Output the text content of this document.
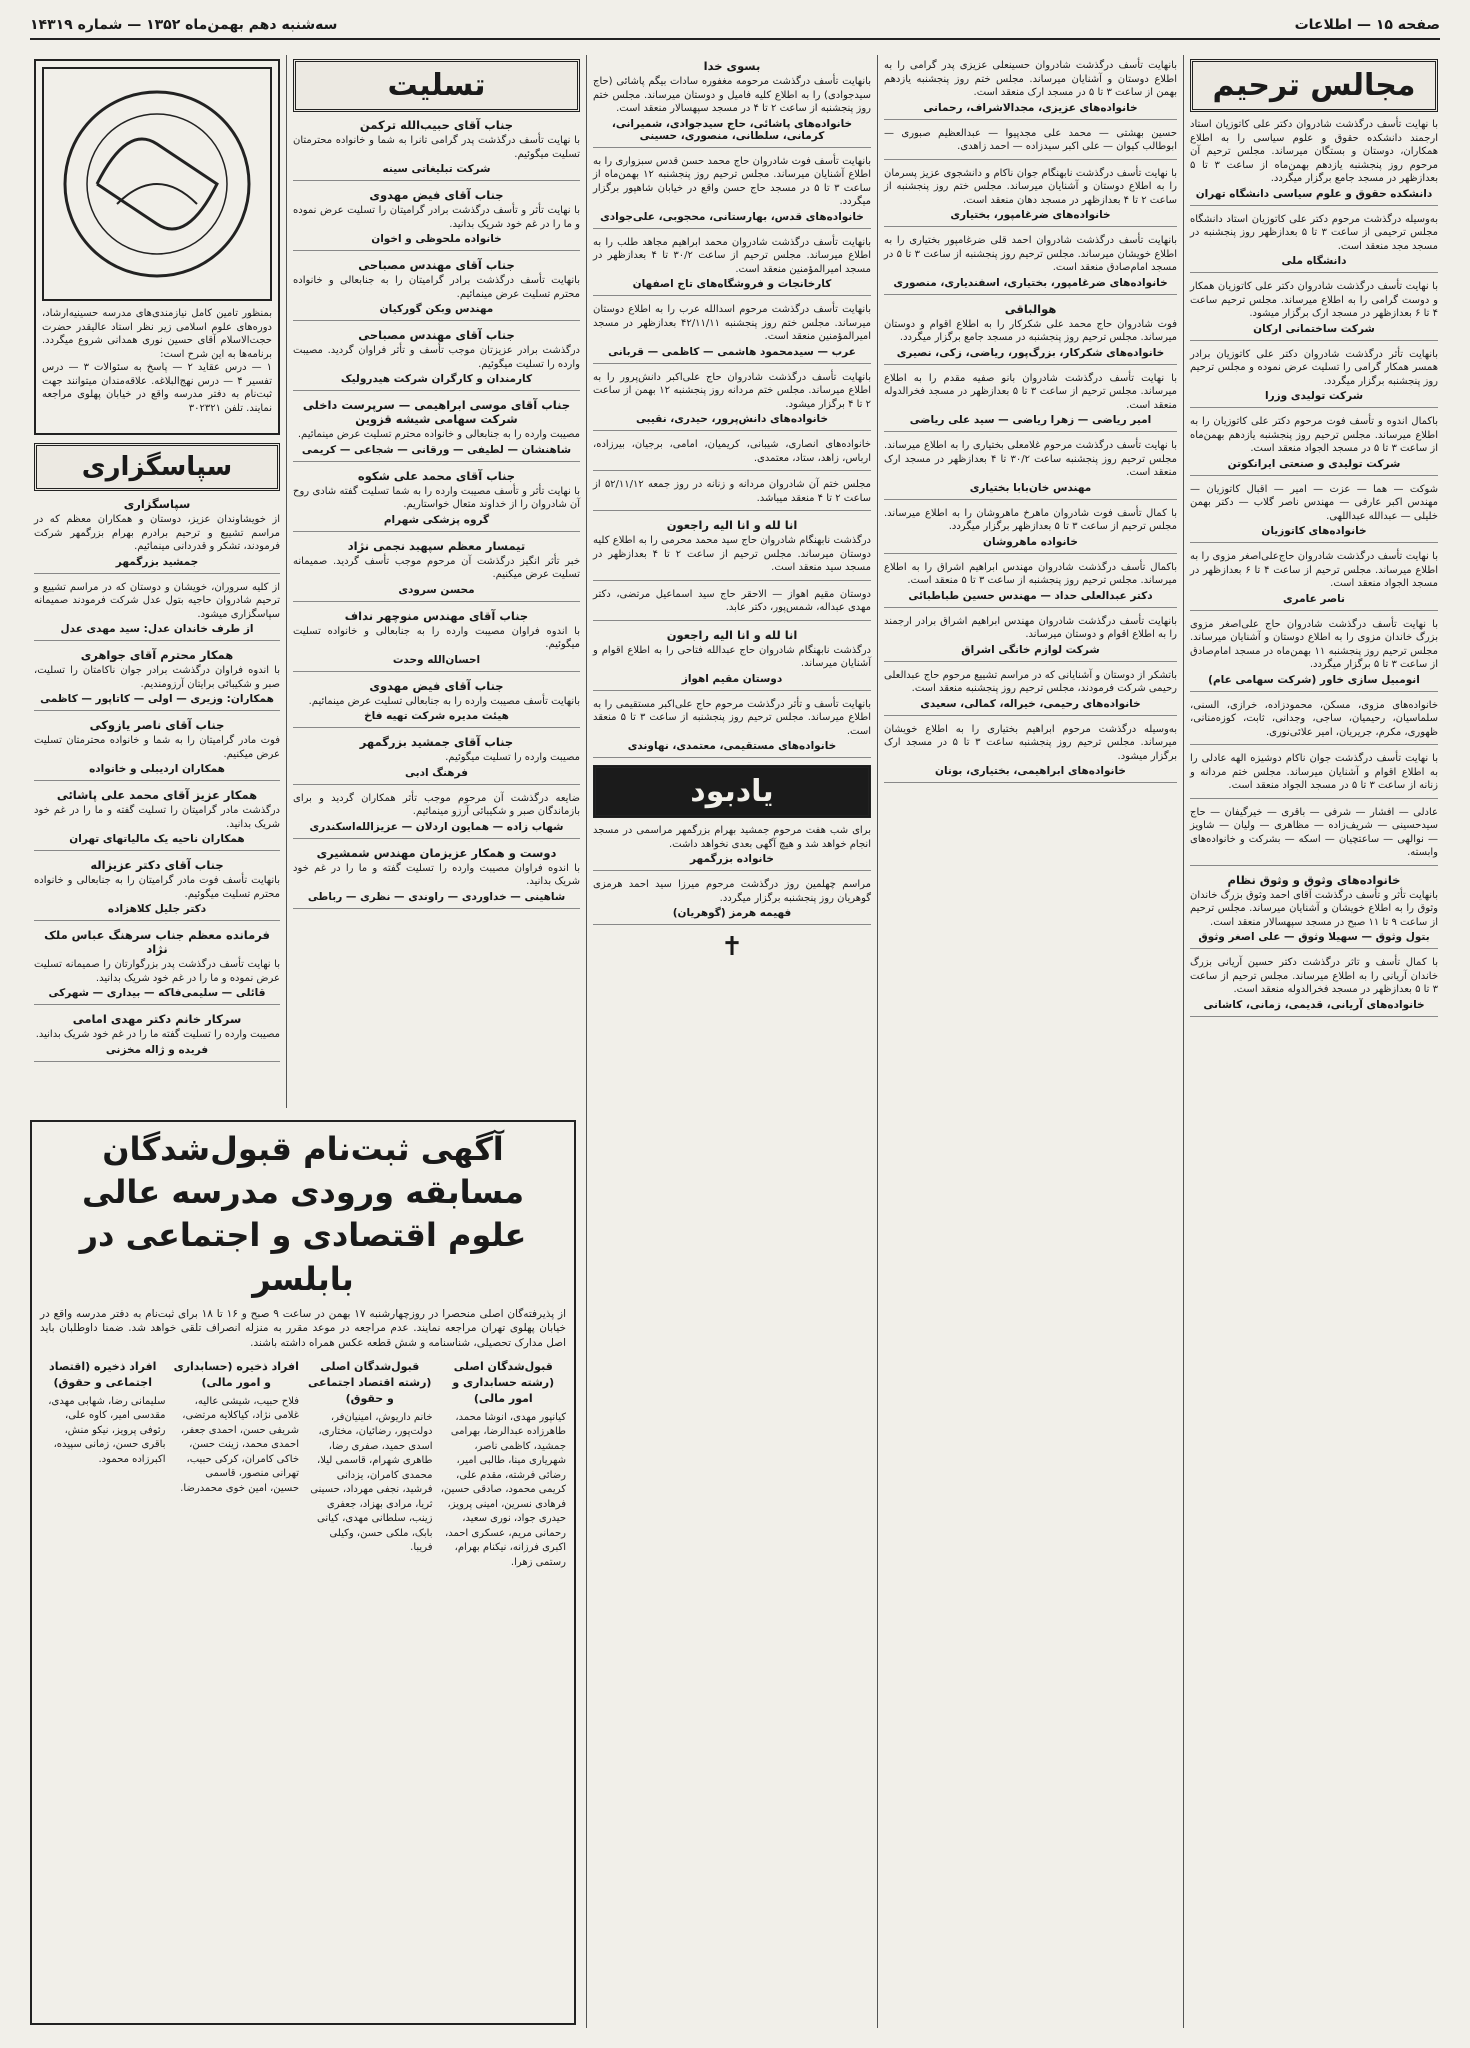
صفحه ۱۵ — اطلاعات
سه‌شنبه دهم بهمن‌ماه ۱۳۵۲ — شماره ۱۴۳۱۹
مجالس ترحیم

با نهایت تأسف درگذشت شادروان دکتر علی کاتوزیان استاد ارجمند دانشکده حقوق و علوم سیاسی را به اطلاع همکاران، دوستان و بستگان میرساند. مجلس ترحیم آن مرحوم روز پنجشنبه یازدهم بهمن‌ماه از ساعت ۳ تا ۵ بعدازظهر در مسجد جامع برگزار میگردد.

دانشکده حقوق و علوم سیاسی دانشگاه تهران

به‌وسیله درگذشت مرحوم دکتر علی کاتوزیان استاد دانشگاه مجلس ترحیمی از ساعت ۳ تا ۵ بعدازظهر روز پنجشنبه در مسجد مجد منعقد است.

دانشگاه ملی

با نهایت تأسف درگذشت شادروان دکتر علی کاتوزیان همکار و دوست گرامی را به اطلاع میرساند. مجلس ترحیم ساعت ۴ تا ۶ بعدازظهر در مسجد ارک برگزار میشود.

شرکت ساختمانی ارکان

بانهایت تأثر درگذشت شادروان دکتر علی کاتوزیان برادر همسر همکار گرامی را تسلیت عرض نموده و مجلس ترحیم روز پنجشنبه برگزار میگردد.

شرکت تولیدی وزرا

باکمال اندوه و تأسف فوت مرحوم دکتر علی کاتوزیان را به اطلاع میرساند. مجلس ترحیم روز پنجشنبه یازدهم بهمن‌ماه از ساعت ۳ تا ۵ در مسجد الجواد منعقد است.

شرکت تولیدی و صنعتی ایرانکوتن

شوکت — هما — عزت — امیر — اقبال کاتوزیان — مهندس اکبر عارفی — مهندس ناصر گلاب — دکتر بهمن خلیلی — عبدالله عبداللهی.

خانواده‌های کاتوزیان

با نهایت تأسف درگذشت شادروان حاج‌علی‌اصغر مزوی را به اطلاع میرساند. مجلس ترحیم از ساعت ۴ تا ۶ بعدازظهر در مسجد الجواد منعقد است.

ناصر عامری

با نهایت تأسف درگذشت شادروان حاج علی‌اصغر مزوی بزرگ خاندان مزوی را به اطلاع دوستان و آشنایان میرساند. مجلس ترحیم روز پنجشنبه ۱۱ بهمن‌ماه در مسجد امام‌صادق از ساعت ۳ تا ۵ برگزار میگردد.

انومبیل سازی خاور (شرکت سهامی عام)

خانواده‌های مزوی، مسکن، محمودزاده، خرازی، السنی، سلماسیان، رحیمیان، ساجی، وجدانی، ثابت، کوزه‌منانی، ظهوری، مکرم، جریریان، امیر علائی‌نوری.

با نهایت تأسف درگذشت جوان ناکام دوشیزه الهه عادلی را به اطلاع اقوام و آشنایان میرساند. مجلس ختم مردانه و زنانه از ساعت ۳ تا ۵ در مسجد الجواد منعقد است.

عادلی — افشار — شرفی — باقری — خیرگیفان — حاج سیدحسینی — شریف‌زاده — مظاهری — ولیان — شاویز — نوالهی — ساعتچیان — اسکه — بشرکت و خانواده‌های وابسته.

خانواده‌های وثوق و وثوق نظام

بانهایت تأثر و تأسف درگذشت آقای احمد وثوق بزرگ خاندان وثوق را به اطلاع خویشان و آشنایان میرساند. مجلس ترحیم از ساعت ۹ تا ۱۱ صبح در مسجد سپهسالار منعقد است.

بتول وثوق — سهیلا وثوق — علی اصغر وثوق

با کمال تأسف و تاثر درگذشت دکتر حسین آریانی بزرگ خاندان آریانی را به اطلاع میرساند. مجلس ترحیم از ساعت ۳ تا ۵ بعدازظهر در مسجد فخرالدوله منعقد است.

خانواده‌های آریانی، قدیمی، زمانی، کاشانی

بانهایت تأسف درگذشت شادروان حسینعلی عزیزی پدر گرامی را به اطلاع دوستان و آشنایان میرساند. مجلس ختم روز پنجشنبه یازدهم بهمن از ساعت ۳ تا ۵ در مسجد ارک منعقد است.

خانواده‌های عزیزی، مجدالاشراف، رحمانی

حسین بهشتی — محمد علی مجدپیوا — عبدالعظیم صبوری — ابوطالب کیوان — علی اکبر سیدزاده — احمد زاهدی.

با نهایت تأسف درگذشت نابهنگام جوان ناکام و دانشجوی عزیز پسرمان را به اطلاع دوستان و آشنایان میرساند. مجلس ختم روز پنجشنبه از ساعت ۲ تا ۴ بعدازظهر در مسجد دهان منعقد است.

خانواده‌های ضرغامپور، بختیاری

بانهایت تأسف درگذشت شادروان احمد قلی ضرغامپور بختیاری را به اطلاع خویشان میرساند. مجلس ترحیم روز پنجشنبه از ساعت ۳ تا ۵ در مسجد امام‌صادق منعقد است.

خانواده‌های ضرغامپور، بختیاری، اسفندیاری، منصوری
هوالباقی

فوت شادروان حاج محمد علی شکرکار را به اطلاع اقوام و دوستان میرساند. مجلس ترحیم روز پنجشنبه در مسجد جامع برگزار میگردد.

خانواده‌های شکرکار، بزرگ‌پور، ریاضی، زکی، نصیری

با نهایت تأسف درگذشت شادروان بانو صفیه مقدم را به اطلاع میرساند. مجلس ترحیم از ساعت ۳ تا ۵ بعدازظهر در مسجد فخرالدوله منعقد است.

امیر ریاضی — زهرا ریاضی — سید علی ریاضی

با نهایت تأسف درگذشت مرحوم غلامعلی بختیاری را به اطلاع میرساند. مجلس ترحیم روز پنجشنبه ساعت ۳۰/۲ تا ۴ بعدازظهر در مسجد ارک منعقد است.

مهندس خان‌بابا بختیاری

با کمال تأسف فوت شادروان ماهرخ ماهروشان را به اطلاع میرساند. مجلس ترحیم از ساعت ۳ تا ۵ بعدازظهر برگزار میگردد.

خانواده ماهروشان

باکمال تأسف درگذشت شادروان مهندس ابراهیم اشراق را به اطلاع میرساند. مجلس ترحیم روز پنجشنبه از ساعت ۳ تا ۵ منعقد است.

دکتر عبدالعلی حداد — مهندس حسین طباطبائی

بانهایت تأسف درگذشت شادروان مهندس ابراهیم اشراق برادر ارجمند را به اطلاع اقوام و دوستان میرساند.

شرکت لوازم خانگی اشراق

باتشکر از دوستان و آشنایانی که در مراسم تشییع مرحوم حاج عبدالعلی رحیمی شرکت فرمودند، مجلس ترحیم روز پنجشنبه منعقد است.

خانواده‌های رحیمی، خیراله، کمالی، سعیدی

به‌وسیله درگذشت مرحوم ابراهیم بختیاری را به اطلاع خویشان میرساند. مجلس ترحیم روز پنجشنبه ساعت ۳ تا ۵ در مسجد ارک برگزار میشود.

خانواده‌های ابراهیمی، بختیاری، بونان
بسوی خدا

بانهایت تأسف درگذشت مرحومه مغفوره سادات بیگم پاشائی (حاج سیدجوادی) را به اطلاع کلیه فامیل و دوستان میرساند. مجلس ختم روز پنجشنبه از ساعت ۲ تا ۴ در مسجد سپهسالار منعقد است.

خانواده‌های پاشائی، حاج سیدجوادی، شمیرانی، کرمانی، سلطانی، منصوری، حسینی

بانهایت تأسف فوت شادروان حاج محمد حسن قدس سبزواری را به اطلاع آشنایان میرساند. مجلس ترحیم روز پنجشنبه ۱۲ بهمن‌ماه از ساعت ۳ تا ۵ در مسجد حاج حسن واقع در خیابان شاهپور برگزار میگردد.

خانواده‌های قدس، بهارستانی، محجوبی، علی‌جوادی

بانهایت تأسف درگذشت شادروان محمد ابراهیم مجاهد طلب را به اطلاع میرساند. مجلس ترحیم از ساعت ۳۰/۲ تا ۴ بعدازظهر در مسجد امیرالمؤمنین منعقد است.

کارخانجات و فروشگاه‌های تاج اصفهان

بانهایت تأسف درگذشت مرحوم اسدالله عرب را به اطلاع دوستان میرساند. مجلس ختم روز پنجشنبه ۴۲/۱۱/۱۱ بعدازظهر در مسجد امیرالمؤمنین منعقد است.

عرب — سیدمحمود هاشمی — کاظمی — قربانی

بانهایت تأسف درگذشت شادروان حاج علی‌اکبر دانش‌پرور را به اطلاع میرساند. مجلس ختم مردانه روز پنجشنبه ۱۲ بهمن از ساعت ۲ تا ۴ برگزار میشود.

خانواده‌های دانش‌پرور، حیدری، نقیبی

خانواده‌های انصاری، شیبانی، کریمیان، امامی، برجیان، بیرزاده، ارباس، زاهد، ستاد، معتمدی.

مجلس ختم آن شادروان مردانه و زنانه در روز جمعه ۵۲/۱۱/۱۲ از ساعت ۲ تا ۴ منعقد میباشد.

انا لله و انا الیه راجعون

درگذشت نابهنگام شادروان حاج سید محمد محرمی را به اطلاع کلیه دوستان میرساند. مجلس ترحیم از ساعت ۲ تا ۴ بعدازظهر در مسجد سید منعقد است.

دوستان مقیم اهواز — الاحقر حاج سید اسماعیل مرتضی، دکتر مهدی عبداله، شمس‌پور، دکتر عابد.

انا لله و انا الیه راجعون

درگذشت نابهنگام شادروان حاج عبدالله فتاحی را به اطلاع اقوام و آشنایان میرساند.

دوستان مقیم اهواز

بانهایت تأسف و تأثر درگذشت مرحوم حاج علی‌اکبر مستقیمی را به اطلاع میرساند. مجلس ترحیم روز پنجشنبه از ساعت ۳ تا ۵ منعقد است.

خانواده‌های مستقیمی، معتمدی، نهاوندی
یادبود

برای شب هفت مرحوم جمشید بهرام بزرگمهر مراسمی در مسجد انجام خواهد شد و هیچ آگهی بعدی نخواهد داشت.

خانواده بزرگمهر

مراسم چهلمین روز درگذشت مرحوم میرزا سید احمد هرمزی گوهریان روز پنجشنبه برگزار میگردد.

فهیمه هرمز (گوهریان)
✝
تسلیت
جناب آقای حبیب‌الله ترکمن

با نهایت تأسف درگذشت پدر گرامی تانرا به شما و خانواده محترمتان تسلیت میگوئیم.

شرکت تبلیغاتی سینه
جناب آقای فیض مهدوی

با نهایت تأثر و تأسف درگذشت برادر گرامیتان را تسلیت عرض نموده و ما را در غم خود شریک بدانید.

خانواده ملحوظی و اخوان
جناب آقای مهندس مصباحی

بانهایت تأسف درگذشت برادر گرامیتان را به جنابعالی و خانواده محترم تسلیت عرض مینمائیم.

مهندس وبکن گورکیان
جناب آقای مهندس مصباحی

درگذشت برادر عزیزتان موجب تأسف و تأثر فراوان گردید. مصیبت وارده را تسلیت میگوئیم.

کارمندان و کارگران شرکت هیدرولیک
جناب آقای موسی ابراهیمی — سرپرست داخلی شرکت سهامی شیشه قزوین

مصیبت وارده را به جنابعالی و خانواده محترم تسلیت عرض مینمائیم.

شاهنشان — لطیفی — ورقانی — شجاعی — کریمی
جناب آقای محمد علی شکوه

با نهایت تأثر و تأسف مصیبت وارده را به شما تسلیت گفته شادی روح آن شادروان را از خداوند متعال خواستاریم.

گروه پزشکی شهرام
تیمسار معظم سپهبد نجمی نژاد

خبر تأثر انگیز درگذشت آن مرحوم موجب تأسف گردید. صمیمانه تسلیت عرض میکنیم.

محسن سرودی
جناب آقای مهندس منوچهر نداف

با اندوه فراوان مصیبت وارده را به جنابعالی و خانواده تسلیت میگوئیم.

احسان‌الله وحدت
جناب آقای فیض مهدوی

بانهایت تأسف مصیبت وارده را به جنابعالی تسلیت عرض مینمائیم.

هیئت مدیره شرکت تهیه فاخ
جناب آقای جمشید بزرگمهر

مصیبت وارده را تسلیت میگوئیم.

فرهنگ ادبی

ضایعه درگذشت آن مرحوم موجب تأثر همکاران گردید و برای بازماندگان صبر و شکیبائی آرزو مینمائیم.

شهاب زاده — همایون اردلان — عزیزالله‌اسکندری
دوست و همکار عزیزمان مهندس شمشیری

با اندوه فراوان مصیبت وارده را تسلیت گفته و ما را در غم خود شریک بدانید.

شاهینی — خداوردی — راوندی — نظری — رباطی

بمنظور تامین کامل نیازمندی‌های مدرسه حسینیه‌ارشاد، دوره‌های علوم اسلامی زیر نظر استاد عالیقدر حضرت حجت‌الاسلام آقای حسین نوری همدانی شروع میگردد. برنامه‌ها به این شرح است:

۱ — درس عقاید ۲ — پاسخ به سئوالات ۳ — درس تفسیر ۴ — درس نهج‌البلاغه. علاقه‌مندان میتوانند جهت ثبت‌نام به دفتر مدرسه واقع در خیابان پهلوی مراجعه نمایند. تلفن ۳۰۲۳۲۱

سپاسگزاری
سپاسگزاری

از خویشاوندان عزیز، دوستان و همکاران معظم که در مراسم تشییع و ترحیم برادرم بهرام بزرگمهر شرکت فرمودند، تشکر و قدردانی مینمائیم.

جمشید بزرگمهر

از کلیه سروران، خویشان و دوستان که در مراسم تشییع و ترحیم شادروان حاجیه بتول عدل شرکت فرمودند صمیمانه سپاسگزاری میشود.

از طرف خاندان عدل: سید مهدی عدل
همکار محترم آقای جواهری

با اندوه فراوان درگذشت برادر جوان ناکامتان را تسلیت، صبر و شکیبائی برایتان آرزومندیم.

همکاران: وزیری — اولی — کاتاپور — کاظمی
جناب آقای ناصر یازوکی

فوت مادر گرامیتان را به شما و خانواده محترمتان تسلیت عرض میکنیم.

همکاران اردیبلی و خانواده
همکار عزیز آقای محمد علی پاشائی

درگذشت مادر گرامیتان را تسلیت گفته و ما را در غم خود شریک بدانید.

همکاران ناحیه یک مالیاتهای تهران
جناب آقای دکتر عزیزاله

بانهایت تأسف فوت مادر گرامیتان را به جنابعالی و خانواده محترم تسلیت میگوئیم.

دکتر جلیل کلاهزاده
فرمانده معظم جناب سرهنگ عباس ملک نژاد

با نهایت تأسف درگذشت پدر بزرگوارتان را صمیمانه تسلیت عرض نموده و ما را در غم خود شریک بدانید.

قائلی — سلیمی‌فاکه — بیداری — شهرکی
سرکار خانم دکتر مهدی امامی

مصیبت وارده را تسلیت گفته ما را در غم خود شریک بدانید.

فریده و ژاله مخزنی
آگهی ثبت‌نام قبول‌شدگان مسابقه ورودی مدرسه عالی علوم اقتصادی و اجتماعی در بابلسر
از پذیرفته‌گان اصلی منحصرا در روزچهارشنبه ۱۷ بهمن در ساعت ۹ صبح و ۱۶ تا ۱۸ برای ثبت‌نام به دفتر مدرسه واقع در خیابان پهلوی تهران مراجعه نمایند. عدم مراجعه در موعد مقرر به منزله انصراف تلقی خواهد شد. ضمنا داوطلبان باید اصل مدارک تحصیلی، شناسنامه و شش قطعه عکس همراه داشته باشند.
قبول‌شدگان اصلی (رشته حسابداری و امور مالی)
کیانپور مهدی، انوشا محمد، طاهرزاده عبدالرضا، بهرامی جمشید، کاظمی ناصر، شهریاری مینا، طالبی امیر، رضائی فرشته، مقدم علی، کریمی محمود، صادقی حسین، فرهادی نسرین، امینی پرویز، حیدری جواد، نوری سعید، رحمانی مریم، عسکری احمد، اکبری فرزانه، نیکنام بهرام، رستمی زهرا.
قبول‌شدگان اصلی (رشته اقتصاد اجتماعی و حقوق)
خانم داریوش، امینیان‌فر، دولت‌پور، رضائیان، مختاری، اسدی حمید، صفری رضا، طاهری شهرام، قاسمی لیلا، محمدی کامران، یزدانی فرشید، نجفی مهرداد، حسینی ثریا، مرادی بهزاد، جعفری زینب، سلطانی مهدی، کیانی بابک، ملکی حسن، وکیلی فریبا.
افراد ذخیره (حسابداری و امور مالی)
فلاح حبیب، شیشی عالیه، غلامی نژاد، کیاکلایه مرتضی، شریفی حسن، احمدی جعفر، احمدی محمد، زینت حسن، خاکی کامران، کرکی حبیب، تهرانی منصور، قاسمی حسین، امین خوی محمدرضا.
افراد ذخیره (اقتصاد اجتماعی و حقوق)
سلیمانی رضا، شهابی مهدی، مقدسی امیر، کاوه علی، رئوفی پرویز، نیکو منش، باقری حسن، زمانی سپیده، اکبرزاده محمود.
